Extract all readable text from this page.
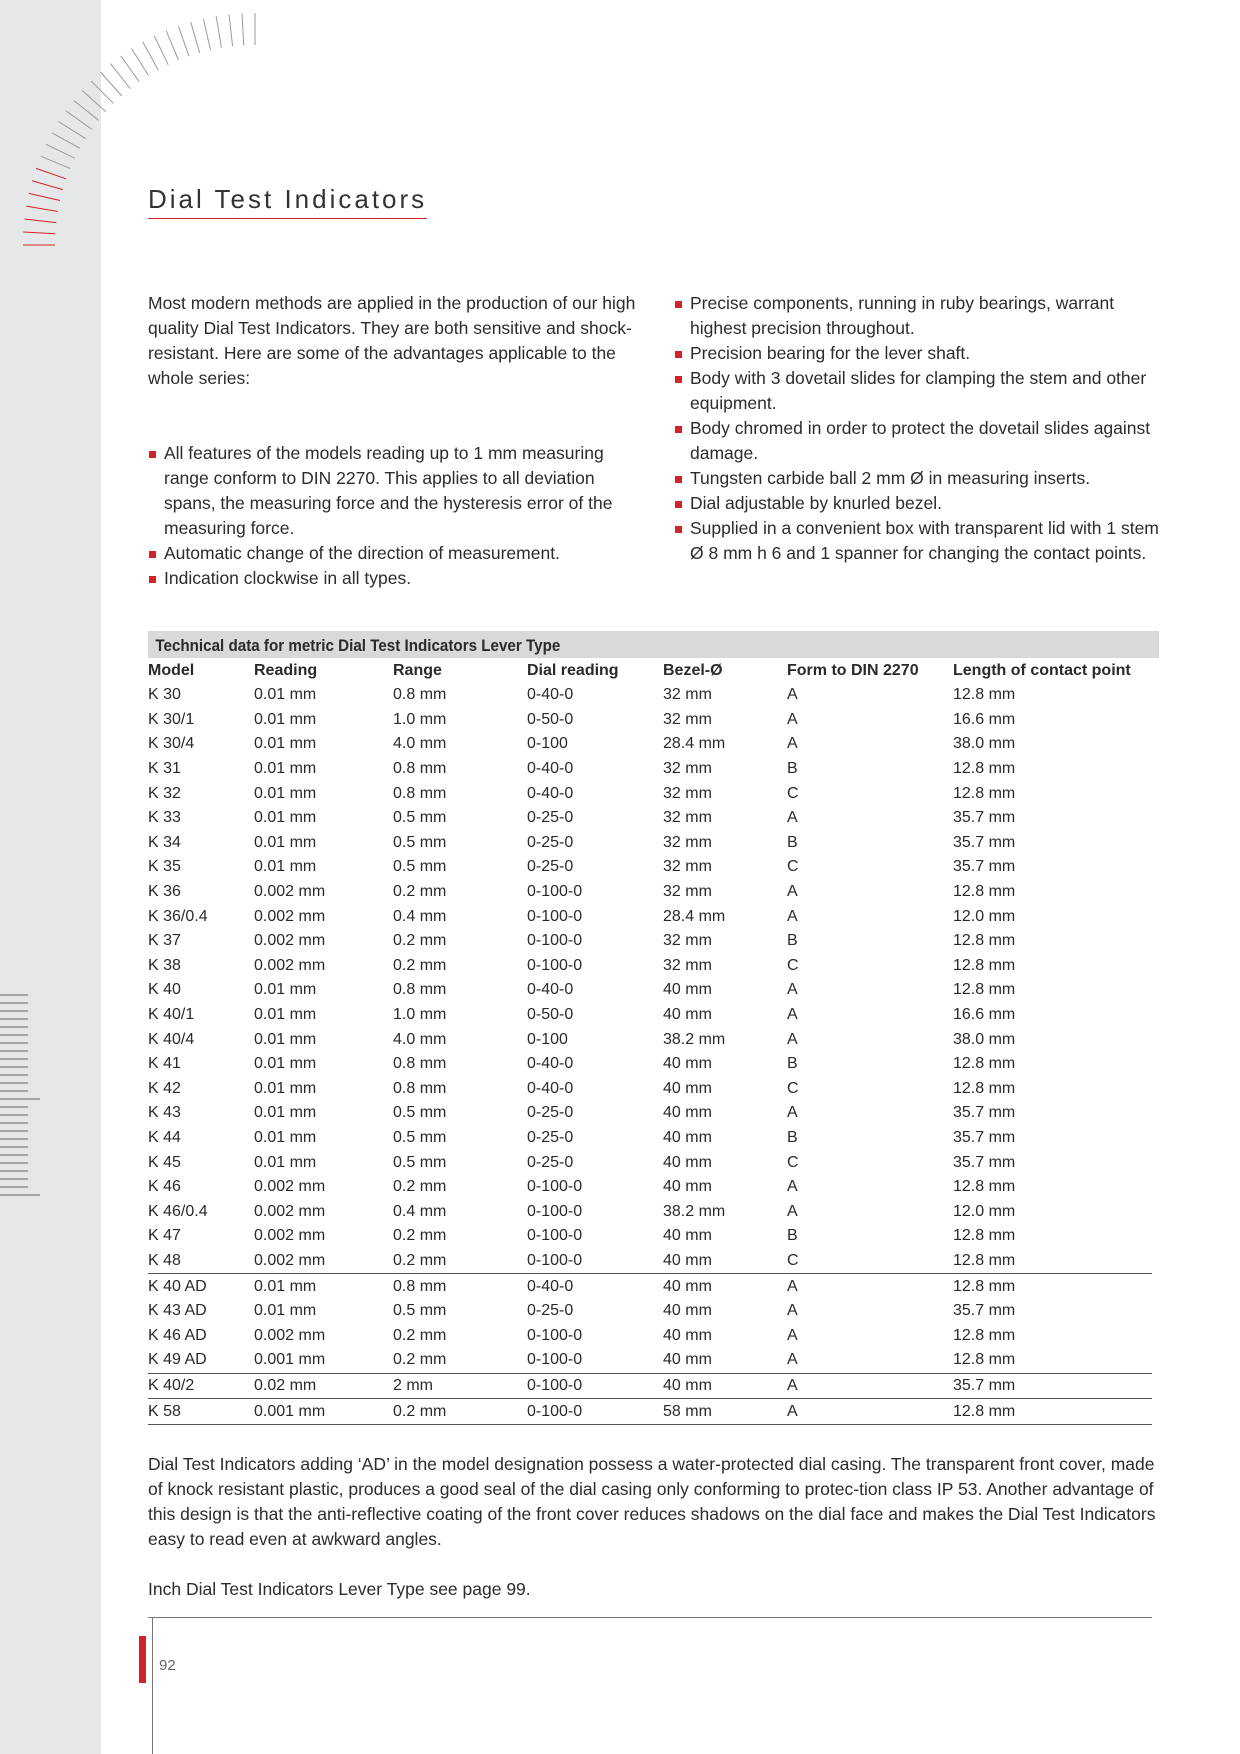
Dial Test Indicators
Most modern methods are applied in the production of our high quality Dial Test Indicators. They are both sensitive and shock-resistant. Here are some of the advantages applicable to the whole series:
All features of the models reading up to 1 mm measuring range conform to DIN 2270. This applies to all deviation spans, the measuring force and the hysteresis error of the measuring force.
Automatic change of the direction of measurement.
Indication clockwise in all types.
Precise components, running in ruby bearings, warrant highest precision throughout.
Precision bearing for the lever shaft.
Body with 3 dovetail slides for clamping the stem and other equipment.
Body chromed in order to protect the dovetail slides against damage.
Tungsten carbide ball 2 mm Ø in measuring inserts.
Dial adjustable by knurled bezel.
Supplied in a convenient box with transparent lid with 1 stem Ø 8 mm h 6 and 1 spanner for changing the contact points.
Technical data for metric Dial Test Indicators Lever Type
Model	Reading	Range	Dial reading	Bezel-Ø	Form to DIN 2270	Length of contact point
K 30	0.01 mm	0.8 mm	0-40-0	32 mm	A	12.8 mm
K 30/1	0.01 mm	1.0 mm	0-50-0	32 mm	A	16.6 mm
K 30/4	0.01 mm	4.0 mm	0-100	28.4 mm	A	38.0 mm
K 31	0.01 mm	0.8 mm	0-40-0	32 mm	B	12.8 mm
K 32	0.01 mm	0.8 mm	0-40-0	32 mm	C	12.8 mm
K 33	0.01 mm	0.5 mm	0-25-0	32 mm	A	35.7 mm
K 34	0.01 mm	0.5 mm	0-25-0	32 mm	B	35.7 mm
K 35	0.01 mm	0.5 mm	0-25-0	32 mm	C	35.7 mm
K 36	0.002 mm	0.2 mm	0-100-0	32 mm	A	12.8 mm
K 36/0.4	0.002 mm	0.4 mm	0-100-0	28.4 mm	A	12.0 mm
K 37	0.002 mm	0.2 mm	0-100-0	32 mm	B	12.8 mm
K 38	0.002 mm	0.2 mm	0-100-0	32 mm	C	12.8 mm
K 40	0.01 mm	0.8 mm	0-40-0	40 mm	A	12.8 mm
K 40/1	0.01 mm	1.0 mm	0-50-0	40 mm	A	16.6 mm
K 40/4	0.01 mm	4.0 mm	0-100	38.2 mm	A	38.0 mm
K 41	0.01 mm	0.8 mm	0-40-0	40 mm	B	12.8 mm
K 42	0.01 mm	0.8 mm	0-40-0	40 mm	C	12.8 mm
K 43	0.01 mm	0.5 mm	0-25-0	40 mm	A	35.7 mm
K 44	0.01 mm	0.5 mm	0-25-0	40 mm	B	35.7 mm
K 45	0.01 mm	0.5 mm	0-25-0	40 mm	C	35.7 mm
K 46	0.002 mm	0.2 mm	0-100-0	40 mm	A	12.8 mm
K 46/0.4	0.002 mm	0.4 mm	0-100-0	38.2 mm	A	12.0 mm
K 47	0.002 mm	0.2 mm	0-100-0	40 mm	B	12.8 mm
K 48	0.002 mm	0.2 mm	0-100-0	40 mm	C	12.8 mm
K 40 AD	0.01 mm	0.8 mm	0-40-0	40 mm	A	12.8 mm
K 43 AD	0.01 mm	0.5 mm	0-25-0	40 mm	A	35.7 mm
K 46 AD	0.002 mm	0.2 mm	0-100-0	40 mm	A	12.8 mm
K 49 AD	0.001 mm	0.2 mm	0-100-0	40 mm	A	12.8 mm
K 40/2	0.02 mm	2 mm	0-100-0	40 mm	A	35.7 mm
K 58	0.001 mm	0.2 mm	0-100-0	58 mm	A	12.8 mm
Dial Test Indicators adding ‘AD’ in the model designation possess a water-protected dial casing. The transparent front cover, made of knock resistant plastic, produces a good seal of the dial casing only conforming to protec-tion class IP 53. Another advantage of this design is that the anti-reflective coating of the front cover reduces shadows on the dial face and makes the Dial Test Indicators easy to read even at awkward angles.
Inch Dial Test Indicators Lever Type see page 99.
92
